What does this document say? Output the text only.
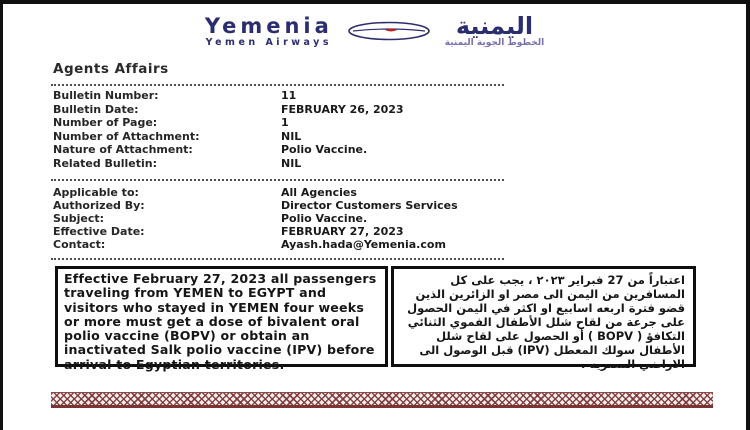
Yemenia
Yemen Airways
اليمنية
الخطوط الجوية اليمنية
Agents Affairs
Bulletin Number:	11
Bulletin Date:	FEBRUARY 26, 2023
Number of Page:	1
Number of Attachment:	NIL
Nature of Attachment:	Polio Vaccine.
Related Bulletin:	NIL
Applicable to:	All Agencies
Authorized By:	Director Customers Services
Subject:	Polio Vaccine.
Effective Date:	FEBRUARY 27, 2023
Contact:	Ayash.hada@Yemenia.com
Effective February 27, 2023 all passengers traveling from YEMEN to EGYPT and visitors who stayed in YEMEN four weeks or more must get a dose of bivalent oral polio vaccine (BOPV) or obtain an inactivated Salk polio vaccine (IPV) before arrival to Egyptian territories.
اعتباراً من 27 فبراير ٢٠٢٣ ، يجب على كل المسافرين من اليمن الى مصر او الزائرين الذين قضو فترة اربعه اسابيع او اكثر في اليمن الحصول على جرعة من لقاح شلل الأطفال الفموي الثنائي التكافؤ ( BOPV ) أو الحصول على لقاح شلل الأطفال سولك المعطل (IPV) قبل الوصول الى الاراضي المصريه .
